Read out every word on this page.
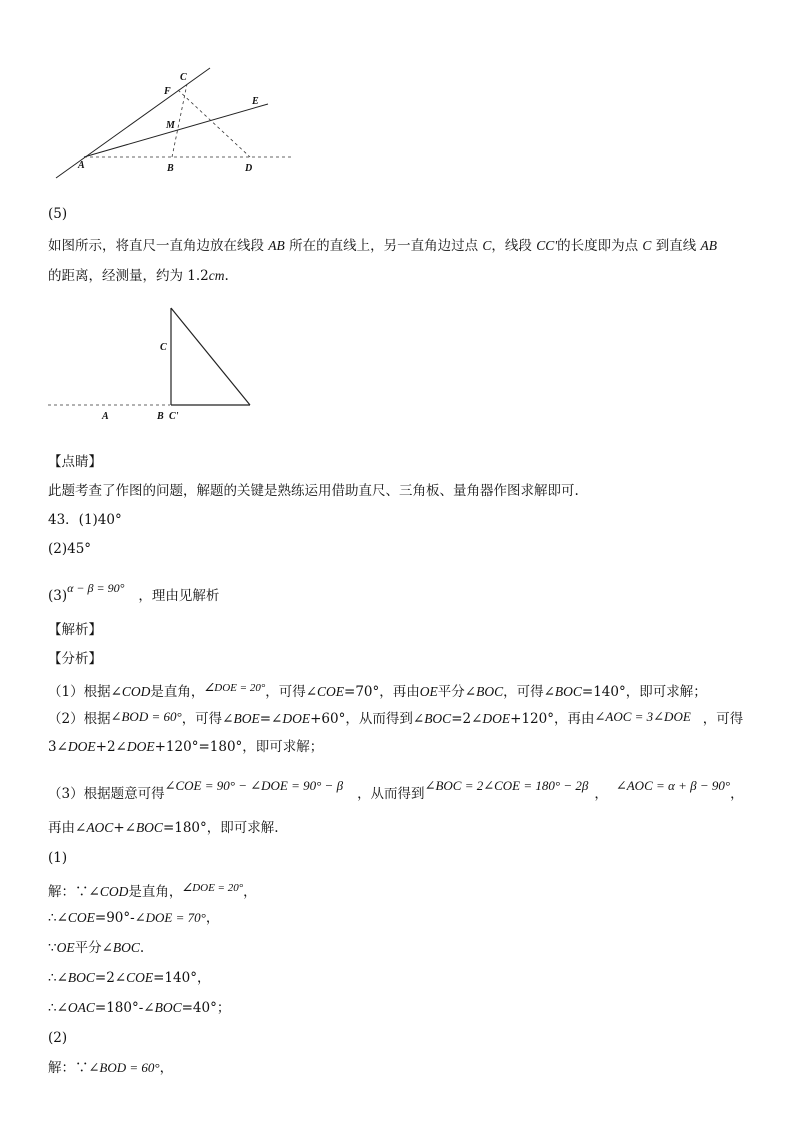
C
F
E
M
A	B	D
(5)
如图所示，将直尺一直角边放在线段 AB 所在的直线上，另一直角边过点 C，线段 CC'的长度即为点 C 到直线 AB
的距离，经测量，约为 1.2cm.
C
A	B C'
【点睛】
此题考查了作图的问题，解题的关键是熟练运用借助直尺、三角板、量角器作图求解即可.
43．(1)40°
(2)45°
(3)α − β = 90° ，理由见解析
【解析】
【分析】
（1）根据∠COD是直角，$^{\angle DOE = 20^\circ}$，可得∠COE=70°，再由OE平分∠BOC，可得∠BOC=140°，即可求解；
（2）根据∠BOD = 60°，可得∠BOE=∠DOE+60°，从而得到∠BOC=2∠DOE+120°，再由∠AOC = 3∠DOE ，可得
3∠DOE+2∠DOE+120°=180°，即可求解；
（3）根据题意可得∠COE = 90° − ∠DOE = 90° − β，从而得到∠BOC = 2∠COE = 180° − 2β，∠AOC = α + β − 90°，
再由∠AOC+∠BOC=180°，即可求解.
(1)
解：∵∠COD是直角，$^{\angle DOE = 20^\circ}$，
∴∠COE=90°-∠DOE = 70°，
∵OE平分∠BOC.
∴∠BOC=2∠COE=140°，
∴∠OAC=180°-∠BOC=40°；
(2)
解：∵∠BOD = 60°，
